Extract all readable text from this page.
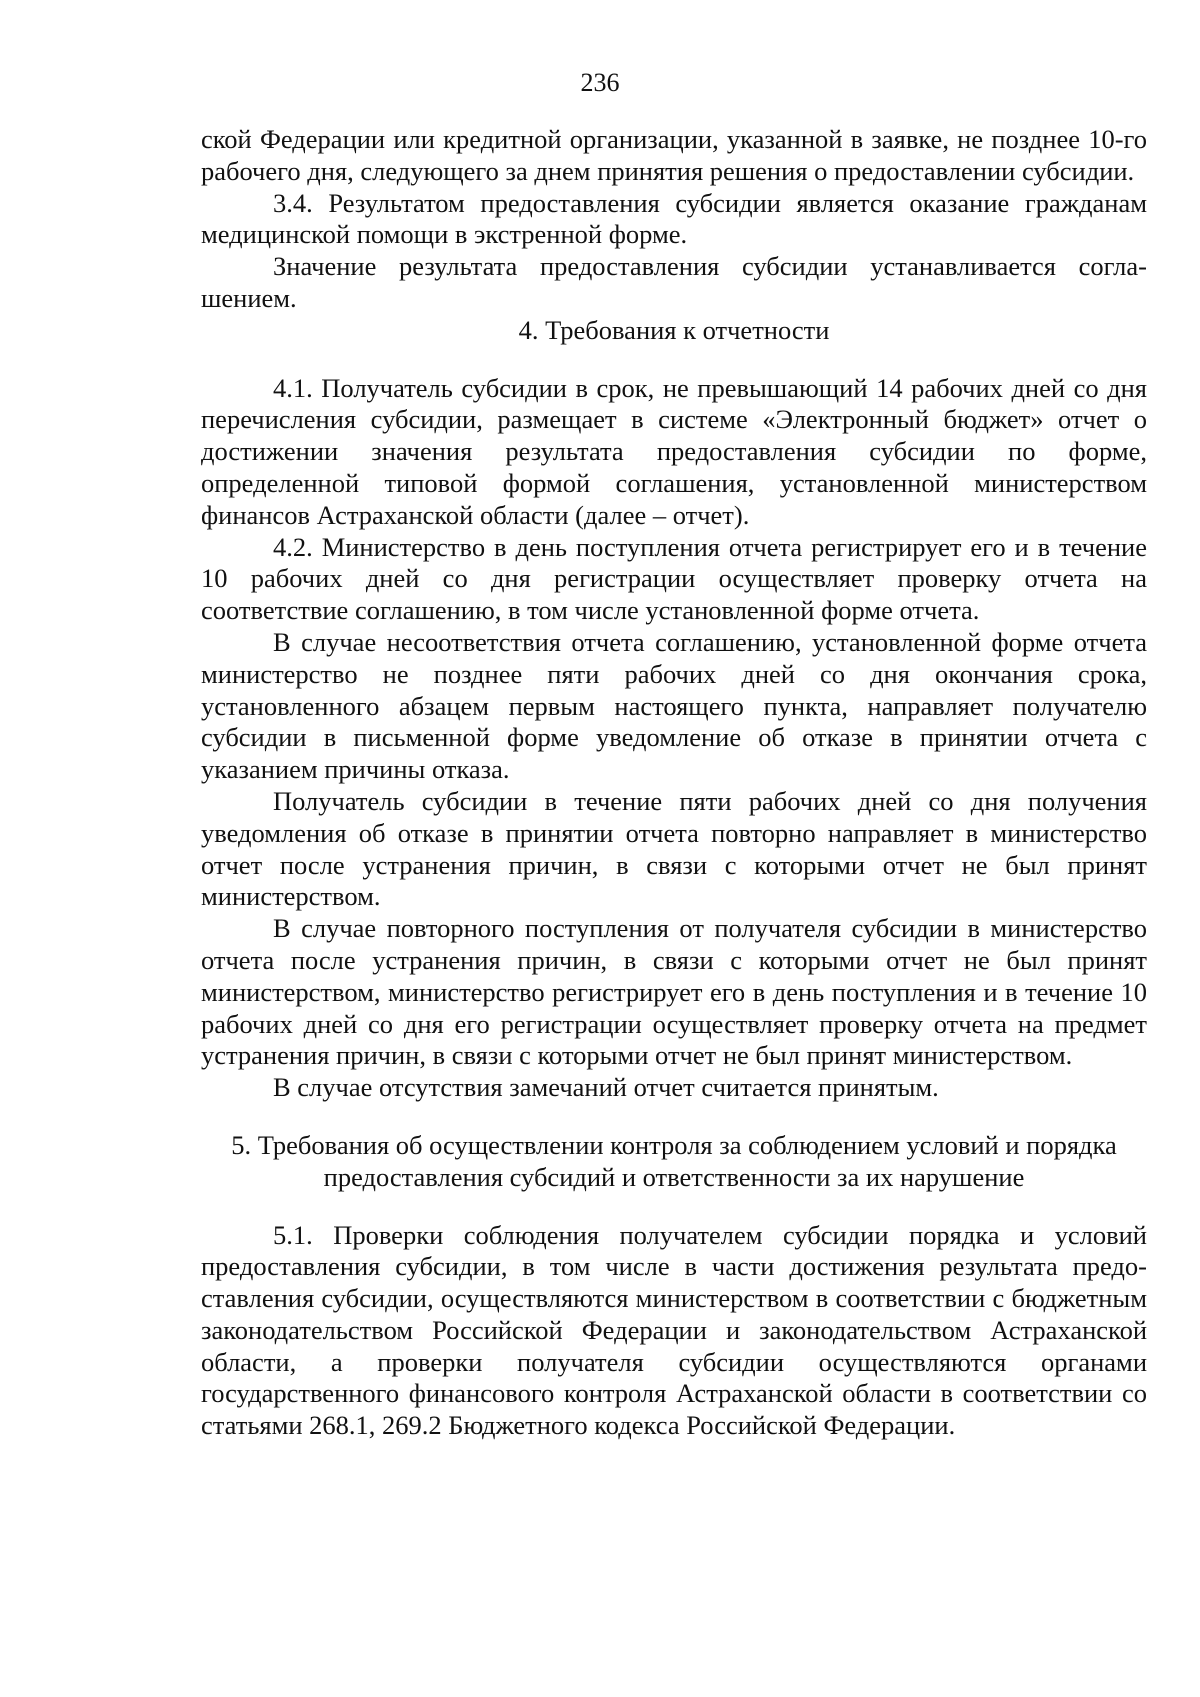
236

ской Федерации или кредитной организации, указанной в заявке, не позднее 10-го рабочего дня, следующего за днем принятия решения о предоставлении субсидии.

3.4. Результатом предоставления субсидии является оказание гражданам медицинской помощи в экстренной форме.

Значение результата предоставления субсидии устанавливается соглашением.

4. Требования к отчетности

4.1. Получатель субсидии в срок, не превышающий 14 рабочих дней со дня перечисления субсидии, размещает в системе «Электронный бюджет» отчет о достижении значения результата предоставления субсидии по форме, определенной типовой формой соглашения, установленной министерством финансов Астраханской области (далее – отчет).

4.2. Министерство в день поступления отчета регистрирует его и в течение 10 рабочих дней со дня регистрации осуществляет проверку отчета на соответствие соглашению, в том числе установленной форме отчета.

В случае несоответствия отчета соглашению, установленной форме отчета министерство не позднее пяти рабочих дней со дня окончания срока, установленного абзацем первым настоящего пункта, направляет получателю субсидии в письменной форме уведомление об отказе в принятии отчета с указанием причины отказа.

Получатель субсидии в течение пяти рабочих дней со дня получения уведомления об отказе в принятии отчета повторно направляет в министерство отчет после устранения причин, в связи с которыми отчет не был принят министерством.

В случае повторного поступления от получателя субсидии в министерство отчета после устранения причин, в связи с которыми отчет не был принят министерством, министерство регистрирует его в день поступления и в течение 10 рабочих дней со дня его регистрации осуществляет проверку отчета на предмет устранения причин, в связи с которыми отчет не был принят министерством.

В случае отсутствия замечаний отчет считается принятым.

5. Требования об осуществлении контроля за соблюдением условий и порядка предоставления субсидий и ответственности за их нарушение

5.1. Проверки соблюдения получателем субсидии порядка и условий предоставления субсидии, в том числе в части достижения результата предоставления субсидии, осуществляются министерством в соответствии с бюджетным законодательством Российской Федерации и законодательством Астраханской области, а проверки получателя субсидии осуществляются органами государственного финансового контроля Астраханской области в соответствии со статьями 268.1, 269.2 Бюджетного кодекса Российской Федерации.
